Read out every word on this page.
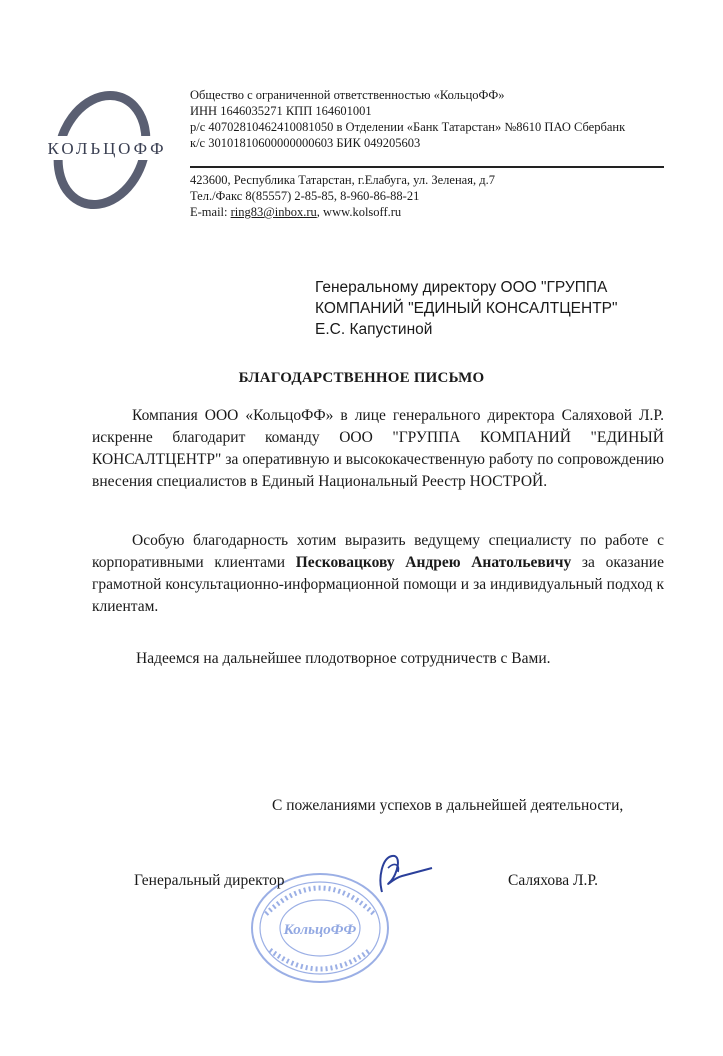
КОЛЬЦОФФ
Общество с ограниченной ответственностью «КольцоФФ»
ИНН 1646035271 КПП 164601001
р/с 40702810462410081050 в Отделении «Банк Татарстан» №8610 ПАО Сбербанк
к/с 30101810600000000603 БИК 049205603
423600, Республика Татарстан, г.Елабуга, ул. Зеленая, д.7
Тел./Факс 8(85557) 2-85-85, 8-960-86-88-21
E-mail: ring83@inbox.ru, www.kolsoff.ru
Генеральному директору ООО "ГРУППА
КОМПАНИЙ "ЕДИНЫЙ КОНСАЛТЦЕНТР"
Е.С. Капустиной
БЛАГОДАРСТВЕННОЕ ПИСЬМО
Компания ООО «КольцоФФ» в лице генерального директора Саляховой Л.Р. искренне благодарит команду ООО "ГРУППА КОМПАНИЙ "ЕДИНЫЙ КОНСАЛТЦЕНТР" за оперативную и высококачественную работу по сопровождению внесения специалистов в Единый Национальный Реестр НОСТРОЙ.
Особую благодарность хотим выразить ведущему специалисту по работе с корпоративными клиентами Песковацкову Андрею Анатольевичу за оказание грамотной консультационно-информационной помощи и за индивидуальный подход к клиентам.
Надеемся на дальнейшее плодотворное сотрудничеств с Вами.
С пожеланиями успехов в дальнейшей деятельности,
КольцоФФ
Генеральный директор	Саляхова Л.Р.
